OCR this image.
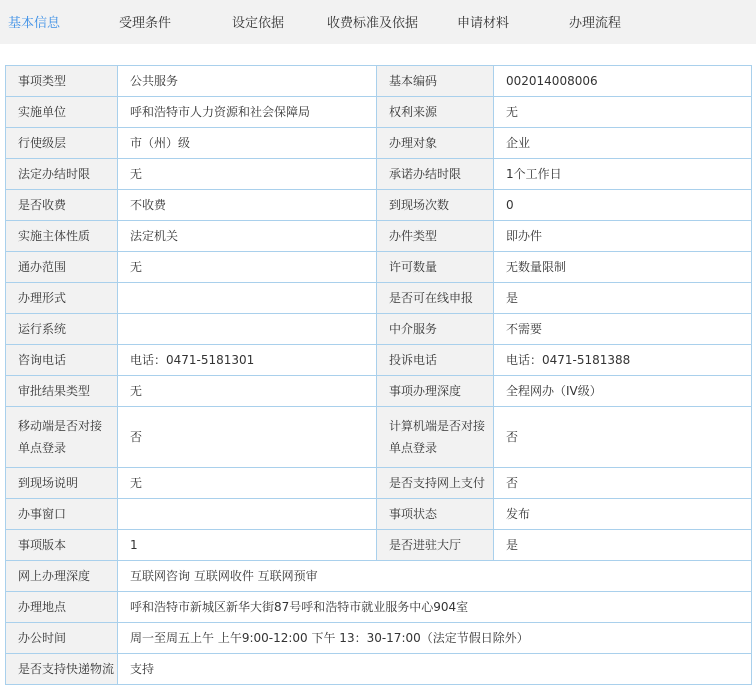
基本信息	受理条件	设定依据	收费标准及依据	申请材料	办理流程
事项类型	公共服务	基本编码	002014008006
实施单位	呼和浩特市人力资源和社会保障局	权利来源	无
行使级层	市（州）级	办理对象	企业
法定办结时限	无	承诺办结时限	1个工作日
是否收费	不收费	到现场次数	0
实施主体性质	法定机关	办件类型	即办件
通办范围	无	许可数量	无数量限制
办理形式		是否可在线申报	是
运行系统		中介服务	不需要
咨询电话	电话：0471-5181301	投诉电话	电话：0471-5181388
审批结果类型	无	事项办理深度	全程网办（IV级）
移动端是否对接单点登录	否	计算机端是否对接单点登录	否
到现场说明	无	是否支持网上支付	否
办事窗口		事项状态	发布
事项版本	1	是否进驻大厅	是
网上办理深度	互联网咨询 互联网收件 互联网预审		
办理地点	呼和浩特市新城区新华大街87号呼和浩特市就业服务中心904室		
办公时间	周一至周五上午 上午9:00-12:00 下午 13：30-17:00（法定节假日除外）		
是否支持快递物流	支持		
